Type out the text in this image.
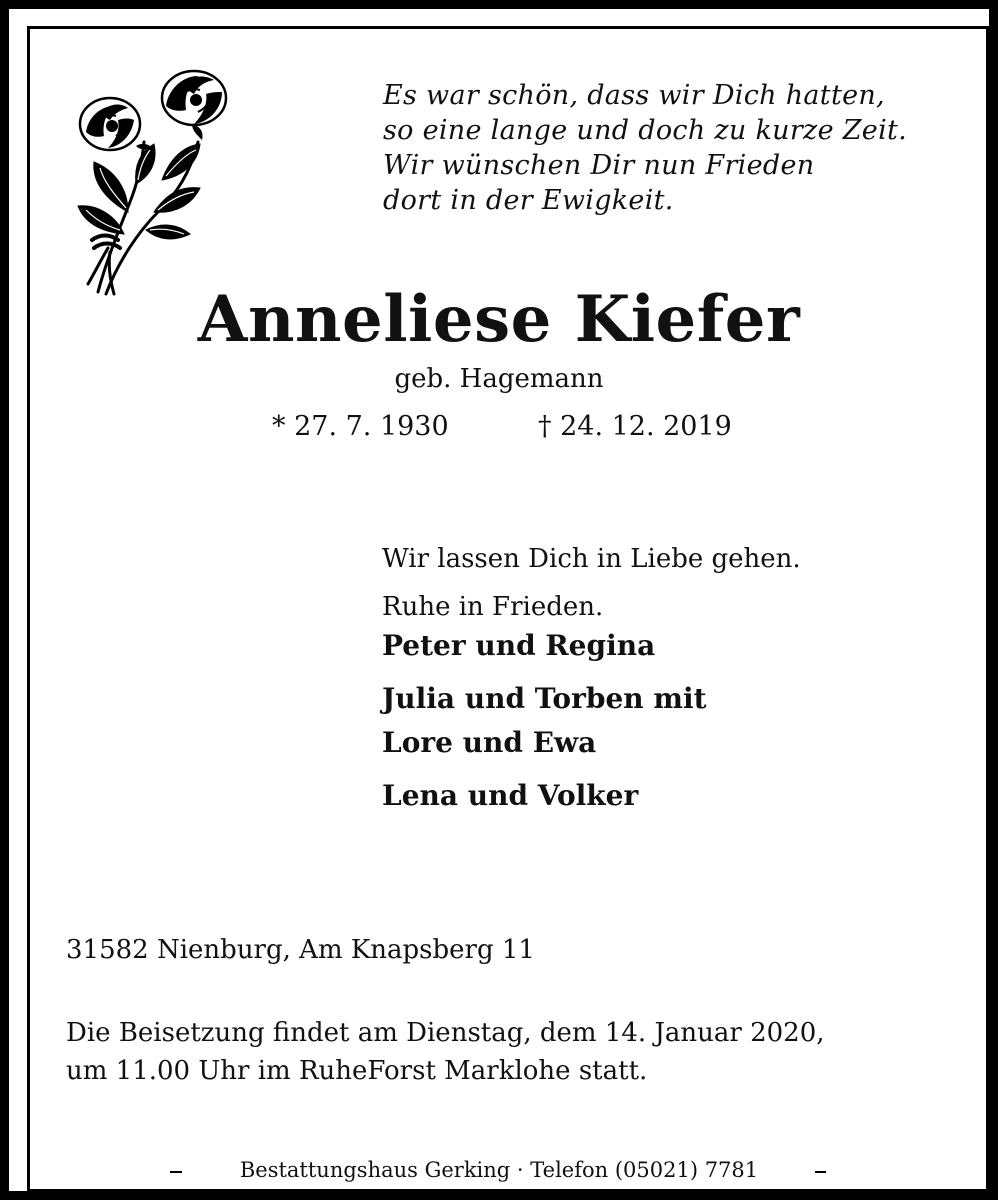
Es war schön, dass wir Dich hatten,
so eine lange und doch zu kurze Zeit.
Wir wünschen Dir nun Frieden
dort in der Ewigkeit.
Anneliese Kiefer
geb. Hagemann
* 27. 7. 1930	† 24. 12. 2019
Wir lassen Dich in Liebe gehen.
Ruhe in Frieden.
Peter und Regina
Julia und Torben mit
Lore und Ewa
Lena und Volker
31582 Nienburg, Am Knapsberg 11
Die Beisetzung findet am Dienstag, dem 14. Januar 2020,
um 11.00 Uhr im RuheForst Marklohe statt.
Bestattungshaus Gerking · Telefon (05021) 7781
